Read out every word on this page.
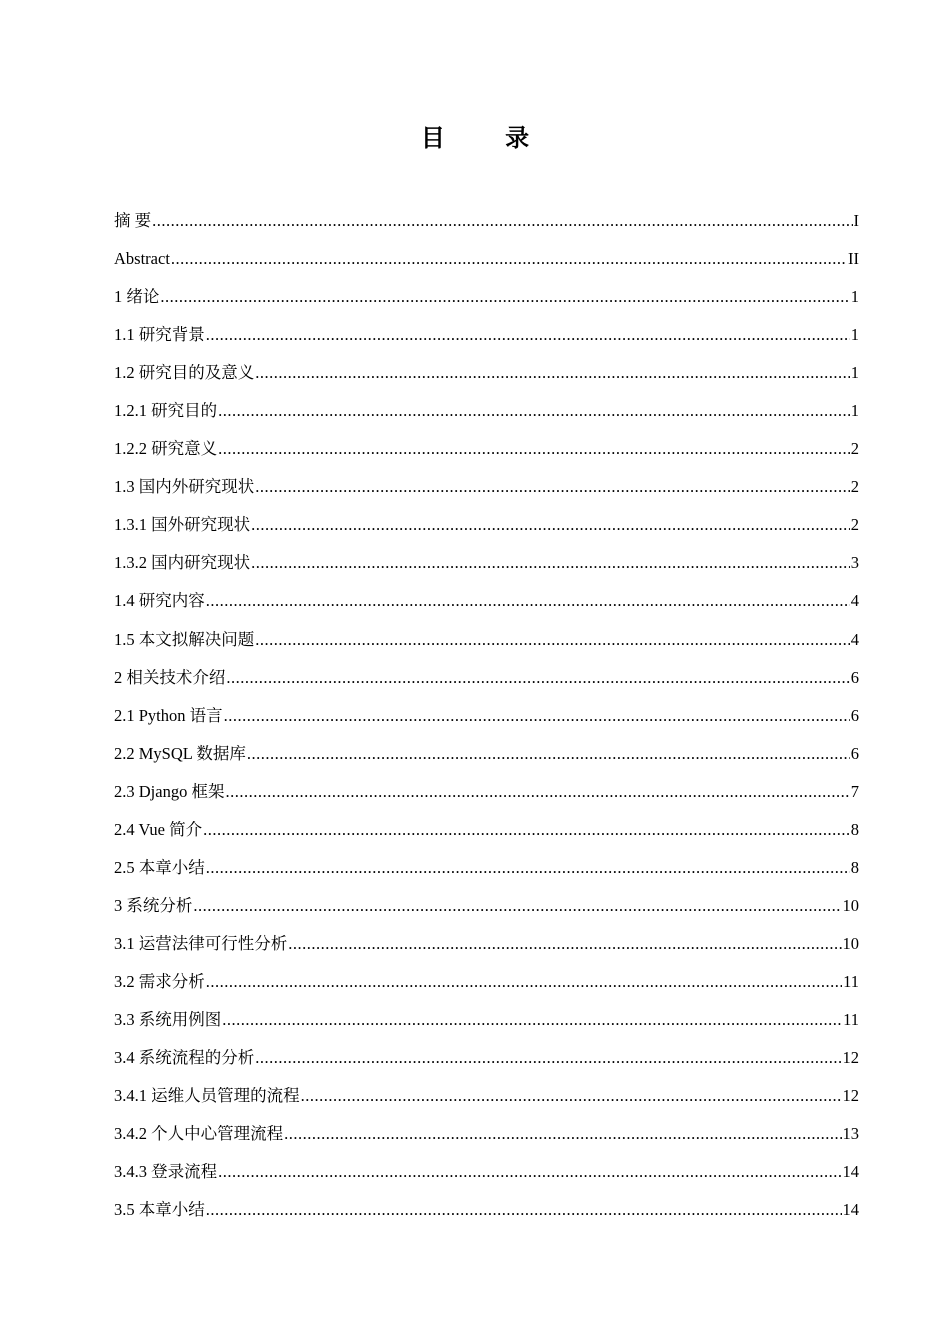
目 录
摘 要 .....	I
Abstract .....	II
1 绪论 .....	1
1.1 研究背景 .....	1
1.2 研究目的及意义 .....	1
1.2.1 研究目的 .....	1
1.2.2 研究意义 .....	2
1.3 国内外研究现状 .....	2
1.3.1 国外研究现状 .....	2
1.3.2 国内研究现状 .....	3
1.4 研究内容 .....	4
1.5 本文拟解决问题 .....	4
2 相关技术介绍 .....	6
2.1 Python 语言 .....	6
2.2 MySQL 数据库 .....	6
2.3 Django 框架 .....	7
2.4 Vue 简介 .....	8
2.5 本章小结 .....	8
3 系统分析 .....	10
3.1 运营法律可行性分析 .....	10
3.2 需求分析 .....	11
3.3 系统用例图 .....	11
3.4 系统流程的分析 .....	12
3.4.1 运维人员管理的流程 .....	12
3.4.2 个人中心管理流程 .....	13
3.4.3 登录流程 .....	14
3.5 本章小结 .....	14
